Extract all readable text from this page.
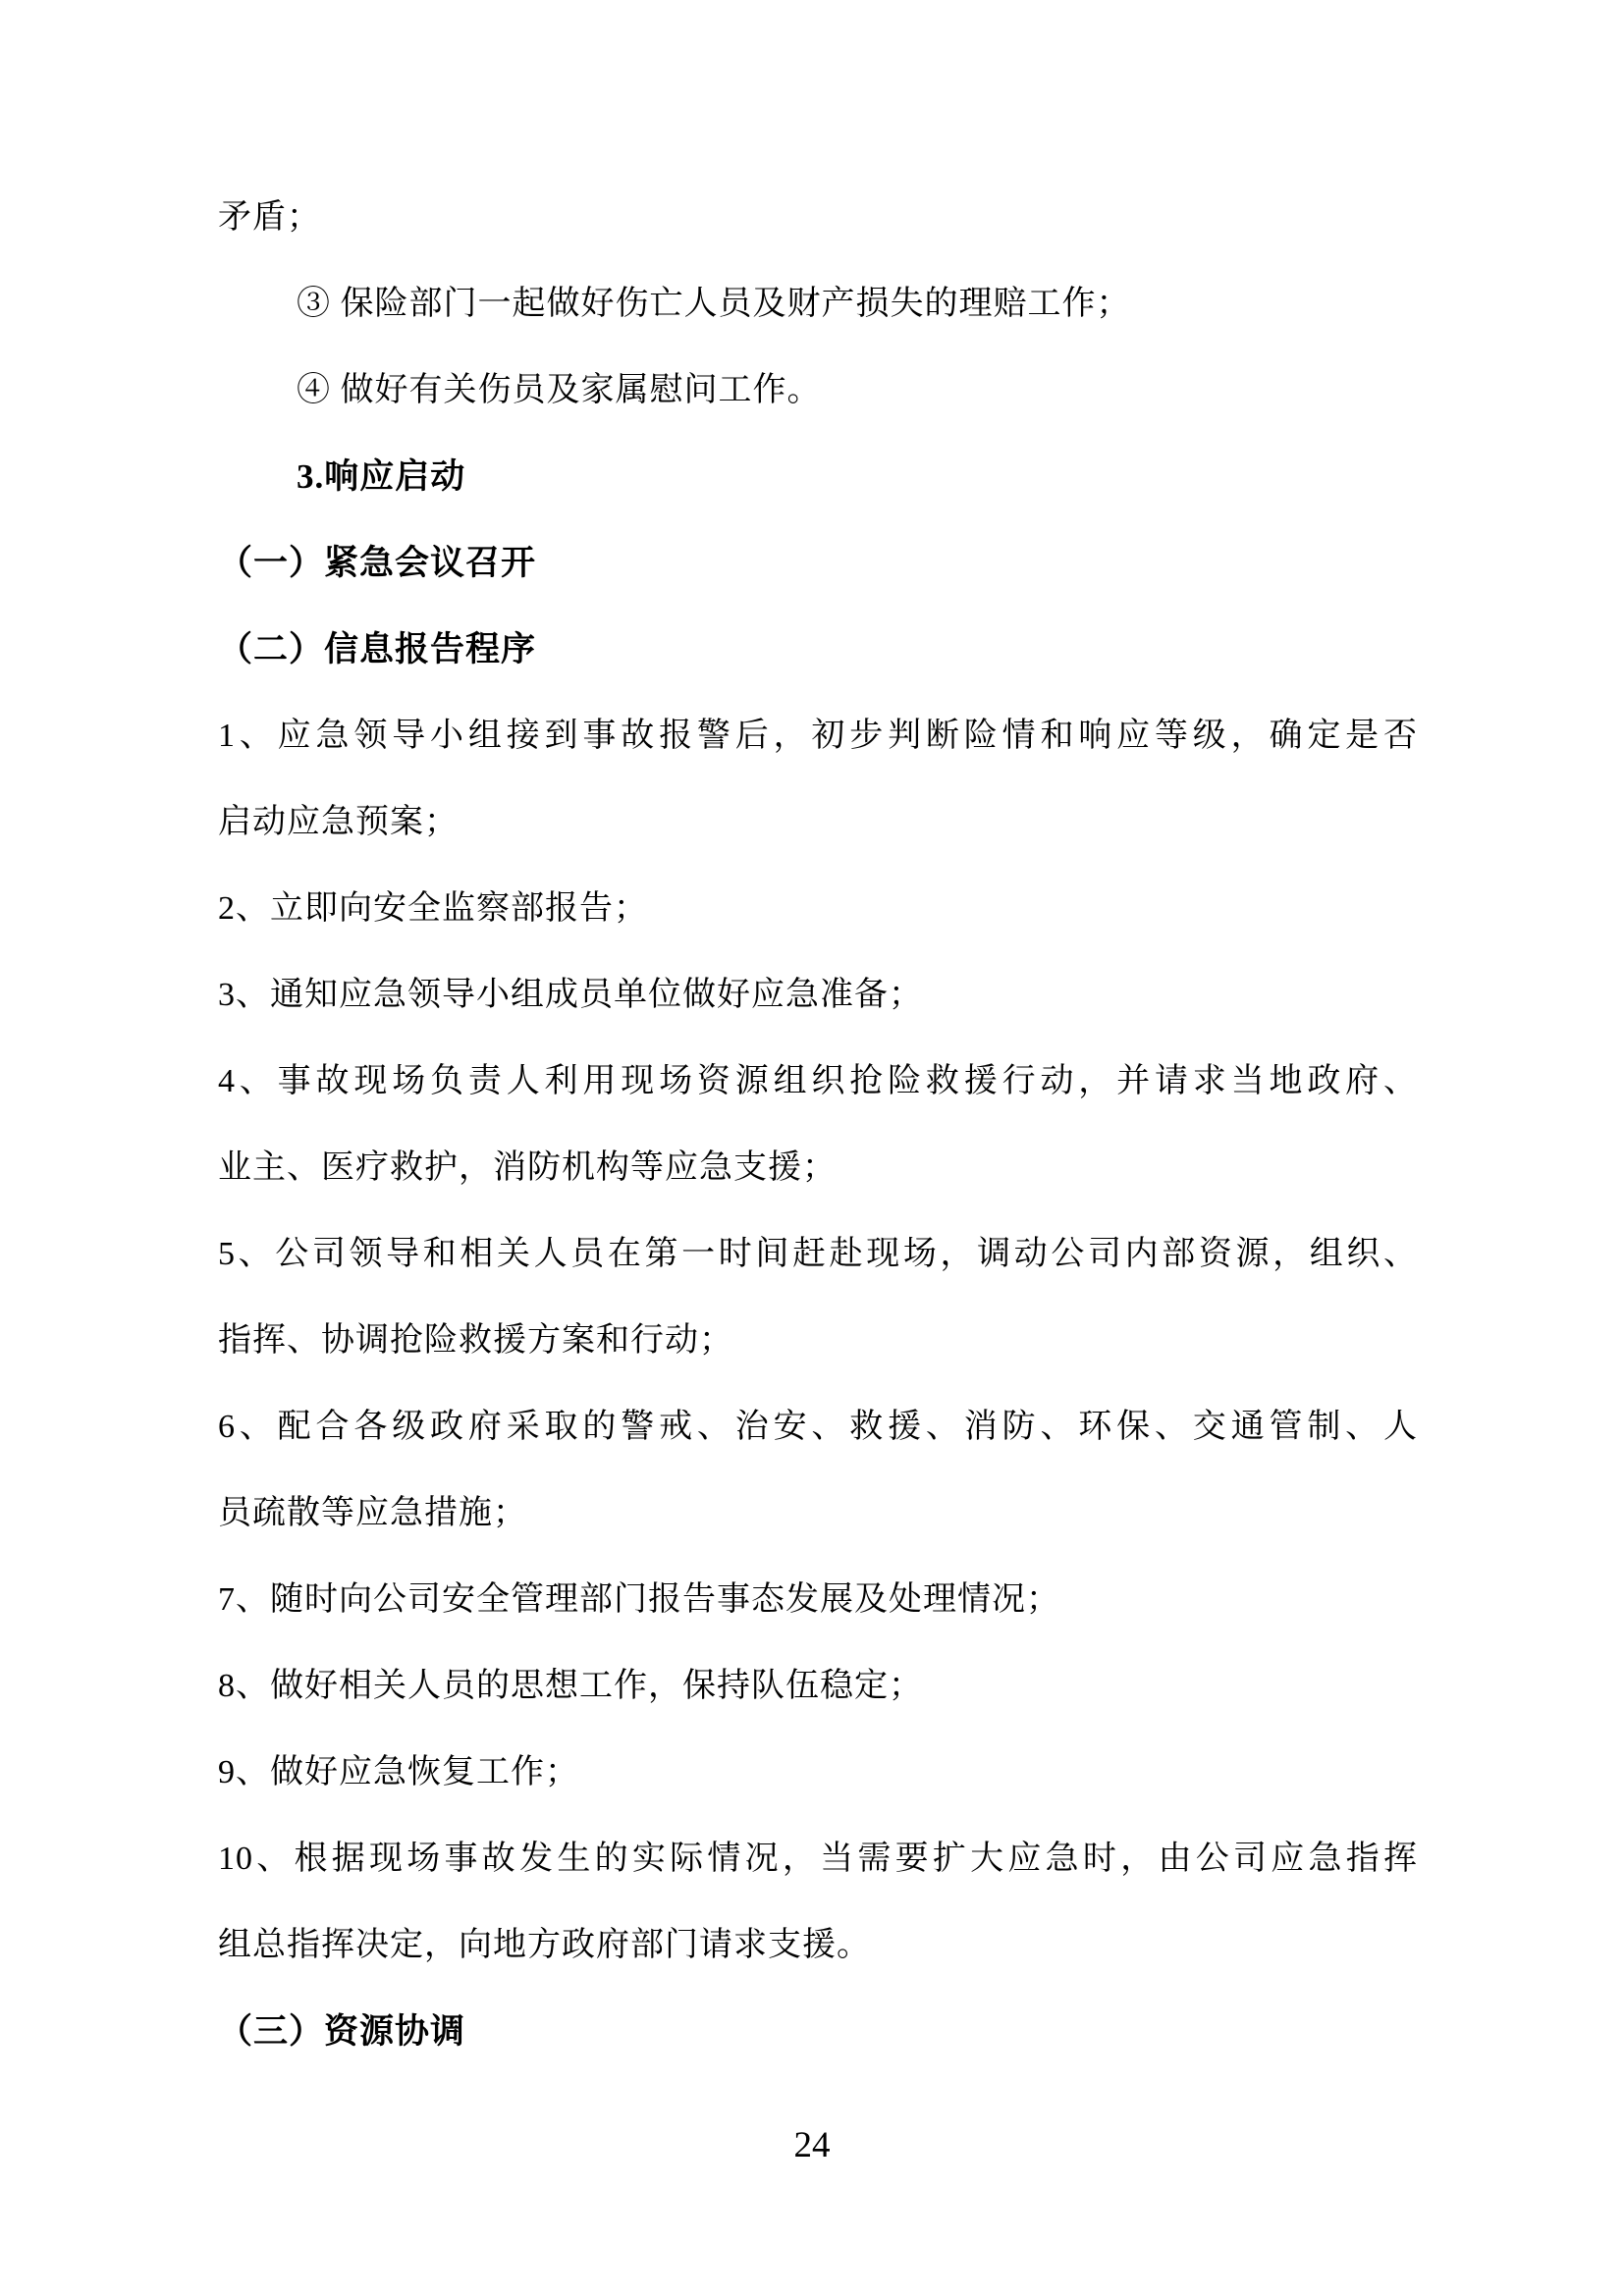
矛盾；

③ 保险部门一起做好伤亡人员及财产损失的理赔工作；

④ 做好有关伤员及家属慰问工作。

3.响应启动

（一）紧急会议召开

（二）信息报告程序

1、应急领导小组接到事故报警后，初步判断险情和响应等级，确定是否

启动应急预案；

2、立即向安全监察部报告；

3、通知应急领导小组成员单位做好应急准备；

4、事故现场负责人利用现场资源组织抢险救援行动，并请求当地政府、

业主、医疗救护，消防机构等应急支援；

5、公司领导和相关人员在第一时间赶赴现场，调动公司内部资源，组织、

指挥、协调抢险救援方案和行动；

6、配合各级政府采取的警戒、治安、救援、消防、环保、交通管制、人

员疏散等应急措施；

7、随时向公司安全管理部门报告事态发展及处理情况；

8、做好相关人员的思想工作，保持队伍稳定；

9、做好应急恢复工作；

10、根据现场事故发生的实际情况，当需要扩大应急时，由公司应急指挥

组总指挥决定，向地方政府部门请求支援。

（三）资源协调

24
